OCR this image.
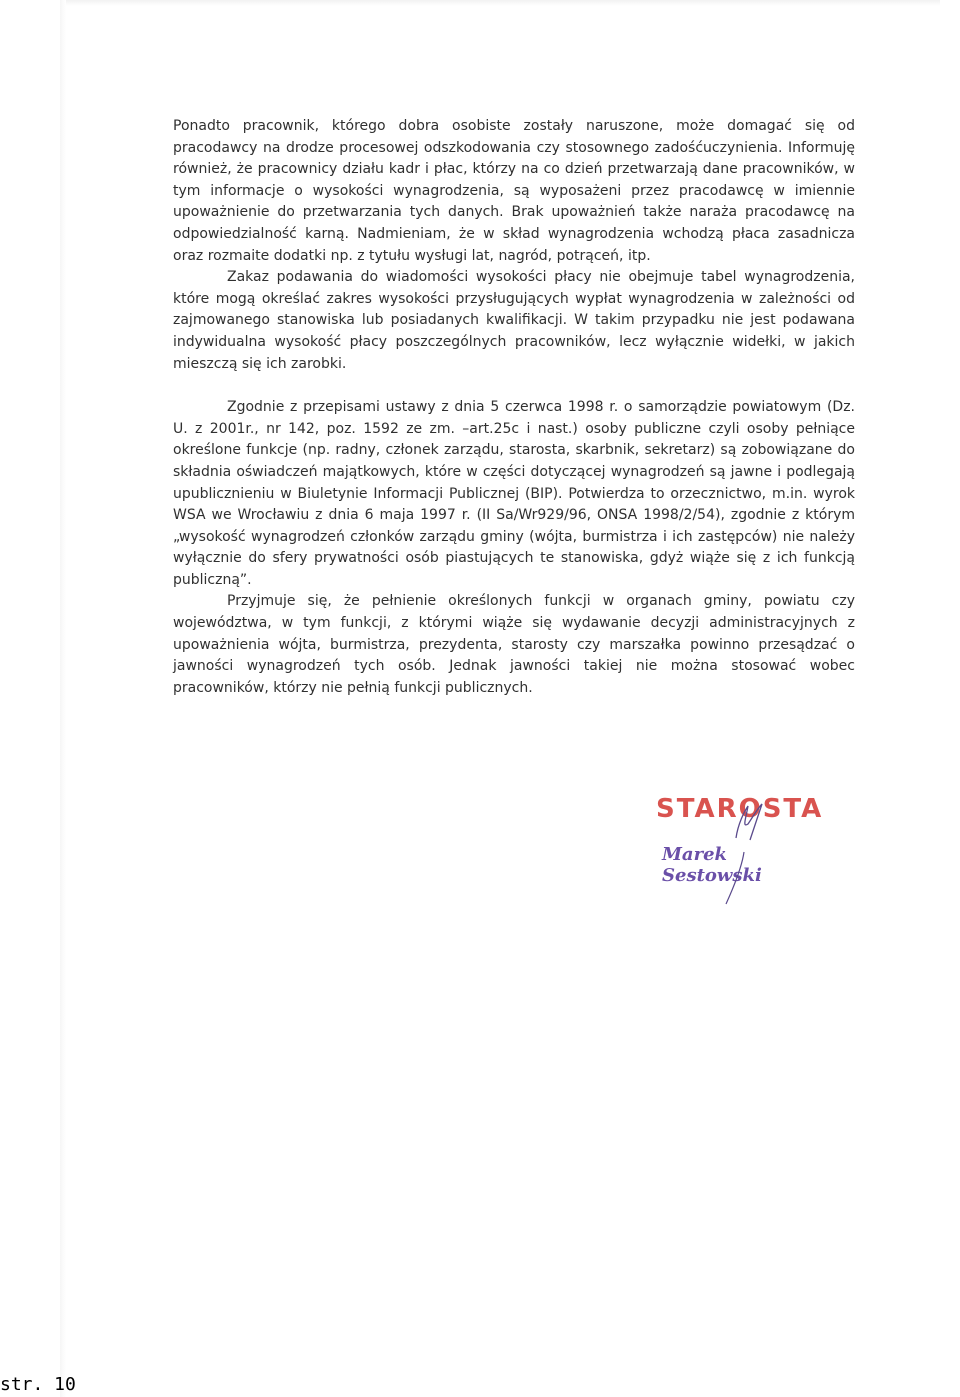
Ponadto pracownik, którego dobra osobiste zostały naruszone, może domagać się od pracodawcy na drodze procesowej odszkodowania czy stosownego zadośćuczynienia. Informuję również, że pracownicy działu kadr i płac, którzy na co dzień przetwarzają dane pracowników, w tym informacje o wysokości wynagrodzenia, są wyposażeni przez pracodawcę w imiennie upoważnienie do przetwarzania tych danych. Brak upoważnień także naraża pracodawcę na odpowiedzialność karną. Nadmieniam, że w skład wynagrodzenia wchodzą płaca zasadnicza oraz rozmaite dodatki np. z tytułu wysługi lat, nagród, potrąceń, itp.

Zakaz podawania do wiadomości wysokości płacy nie obejmuje tabel wynagrodzenia, które mogą określać zakres wysokości przysługujących wypłat wynagrodzenia w zależności od zajmowanego stanowiska lub posiadanych kwalifikacji. W takim przypadku nie jest podawana indywidualna wysokość płacy poszczególnych pracowników, lecz wyłącznie widełki, w jakich mieszczą się ich zarobki.

Zgodnie z przepisami ustawy z dnia 5 czerwca 1998 r. o samorządzie powiatowym (Dz. U. z 2001r., nr 142, poz. 1592 ze zm. –art.25c i nast.) osoby publiczne czyli osoby pełniące określone funkcje (np. radny, członek zarządu, starosta, skarbnik, sekretarz) są zobowiązane do składnia oświadczeń majątkowych, które w części dotyczącej wynagrodzeń są jawne i podlegają upublicznieniu w Biuletynie Informacji Publicznej (BIP). Potwierdza to orzecznictwo, m.in. wyrok WSA we Wrocławiu z dnia 6 maja 1997 r. (II Sa/Wr929/96, ONSA 1998/2/54), zgodnie z którym „wysokość wynagrodzeń członków zarządu gminy (wójta, burmistrza i ich zastępców) nie należy wyłącznie do sfery prywatności osób piastujących te stanowiska, gdyż wiąże się z ich funkcją publiczną”.

Przyjmuje się, że pełnienie określonych funkcji w organach gminy, powiatu czy województwa, w tym funkcji, z którymi wiąże się wydawanie decyzji administracyjnych z upoważnienia wójta, burmistrza, prezydenta, starosty czy marszałka powinno przesądzać o jawności wynagrodzeń tych osób. Jednak jawności takiej nie można stosować wobec pracowników, którzy nie pełnią funkcji publicznych.

STAROSTA
Marek Sestowski
str. 10
